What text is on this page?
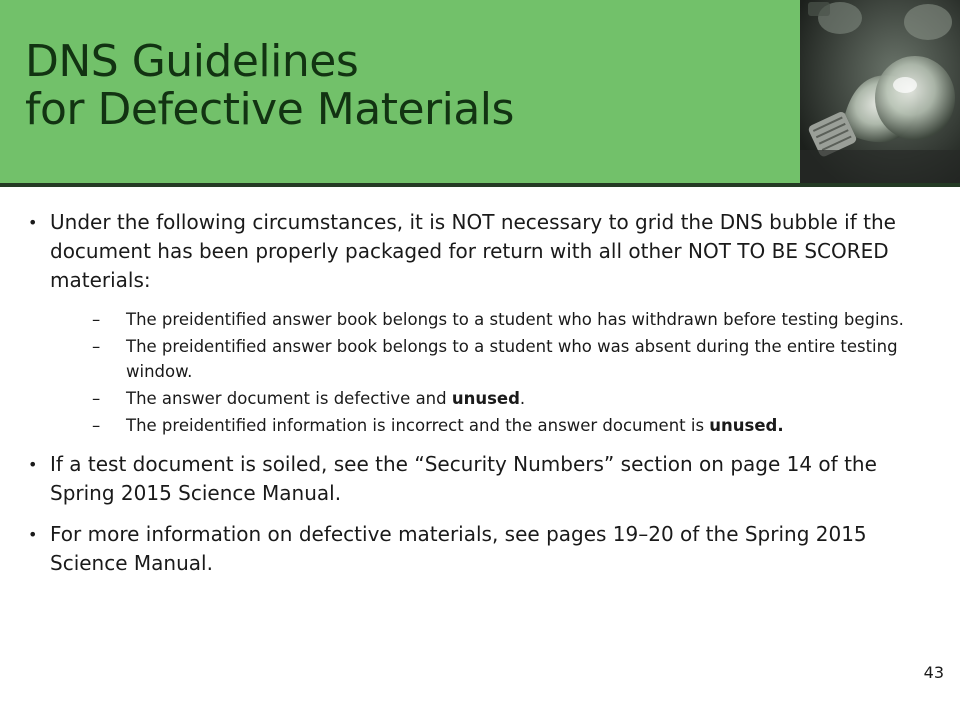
DNS Guidelines
for Defective Materials
• Under the following circumstances, it is NOT necessary to grid the DNS bubble if the document has been properly packaged for return with all other NOT TO BE SCORED materials:
– The preidentified answer book belongs to a student who has withdrawn before testing begins.
– The preidentified answer book belongs to a student who was absent during the entire testing window.
– The answer document is defective and unused.
– The preidentified information is incorrect and the answer document is unused.
• If a test document is soiled, see the “Security Numbers” section on page 14 of the Spring 2015 Science Manual.
• For more information on defective materials, see pages 19–20 of the Spring 2015 Science Manual.
43
